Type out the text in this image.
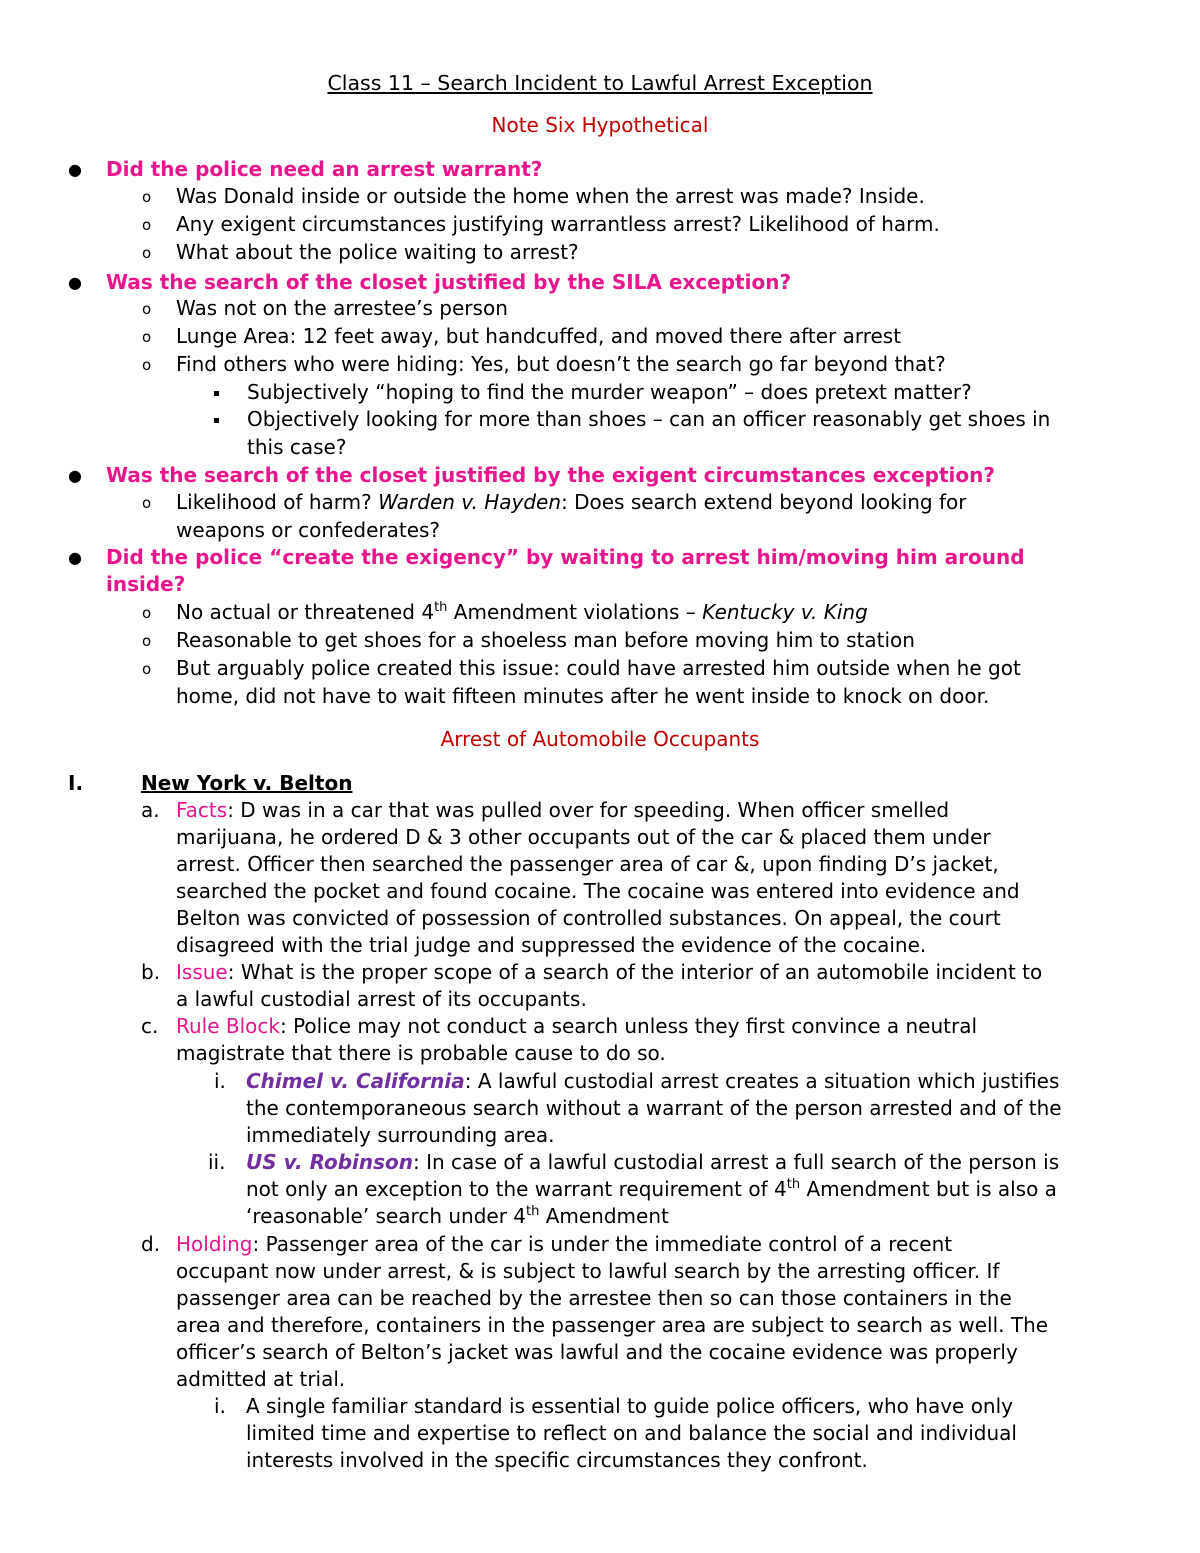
Class 11 – Search Incident to Lawful Arrest Exception
Note Six Hypothetical
● Did the police need an arrest warrant?
o Was Donald inside or outside the home when the arrest was made? Inside.
o Any exigent circumstances justifying warrantless arrest? Likelihood of harm.
o What about the police waiting to arrest?
● Was the search of the closet justified by the SILA exception?
o Was not on the arrestee’s person
o Lunge Area: 12 feet away, but handcuffed, and moved there after arrest
o Find others who were hiding: Yes, but doesn’t the search go far beyond that?
Subjectively “hoping to find the murder weapon” – does pretext matter?
Objectively looking for more than shoes – can an officer reasonably get shoes in
this case?
● Was the search of the closet justified by the exigent circumstances exception?
o Likelihood of harm? Warden v. Hayden: Does search extend beyond looking for
weapons or confederates?
● Did the police “create the exigency” by waiting to arrest him/moving him around
inside?
o No actual or threatened 4th Amendment violations – Kentucky v. King
o Reasonable to get shoes for a shoeless man before moving him to station
o But arguably police created this issue: could have arrested him outside when he got
home, did not have to wait fifteen minutes after he went inside to knock on door.
Arrest of Automobile Occupants
I.	New York v. Belton
a. Facts: D was in a car that was pulled over for speeding. When officer smelled
marijuana, he ordered D & 3 other occupants out of the car & placed them under
arrest. Officer then searched the passenger area of car &, upon finding D’s jacket,
searched the pocket and found cocaine. The cocaine was entered into evidence and
Belton was convicted of possession of controlled substances. On appeal, the court
disagreed with the trial judge and suppressed the evidence of the cocaine.
b. Issue: What is the proper scope of a search of the interior of an automobile incident to
a lawful custodial arrest of its occupants.
c. Rule Block: Police may not conduct a search unless they first convince a neutral
magistrate that there is probable cause to do so.
i. Chimel v. California: A lawful custodial arrest creates a situation which justifies
the contemporaneous search without a warrant of the person arrested and of the
immediately surrounding area.
ii. US v. Robinson: In case of a lawful custodial arrest a full search of the person is
not only an exception to the warrant requirement of 4th Amendment but is also a
‘reasonable’ search under 4th Amendment
d. Holding: Passenger area of the car is under the immediate control of a recent
occupant now under arrest, & is subject to lawful search by the arresting officer. If
passenger area can be reached by the arrestee then so can those containers in the
area and therefore, containers in the passenger area are subject to search as well. The
officer’s search of Belton’s jacket was lawful and the cocaine evidence was properly
admitted at trial.
i. A single familiar standard is essential to guide police officers, who have only
limited time and expertise to reflect on and balance the social and individual
interests involved in the specific circumstances they confront.
